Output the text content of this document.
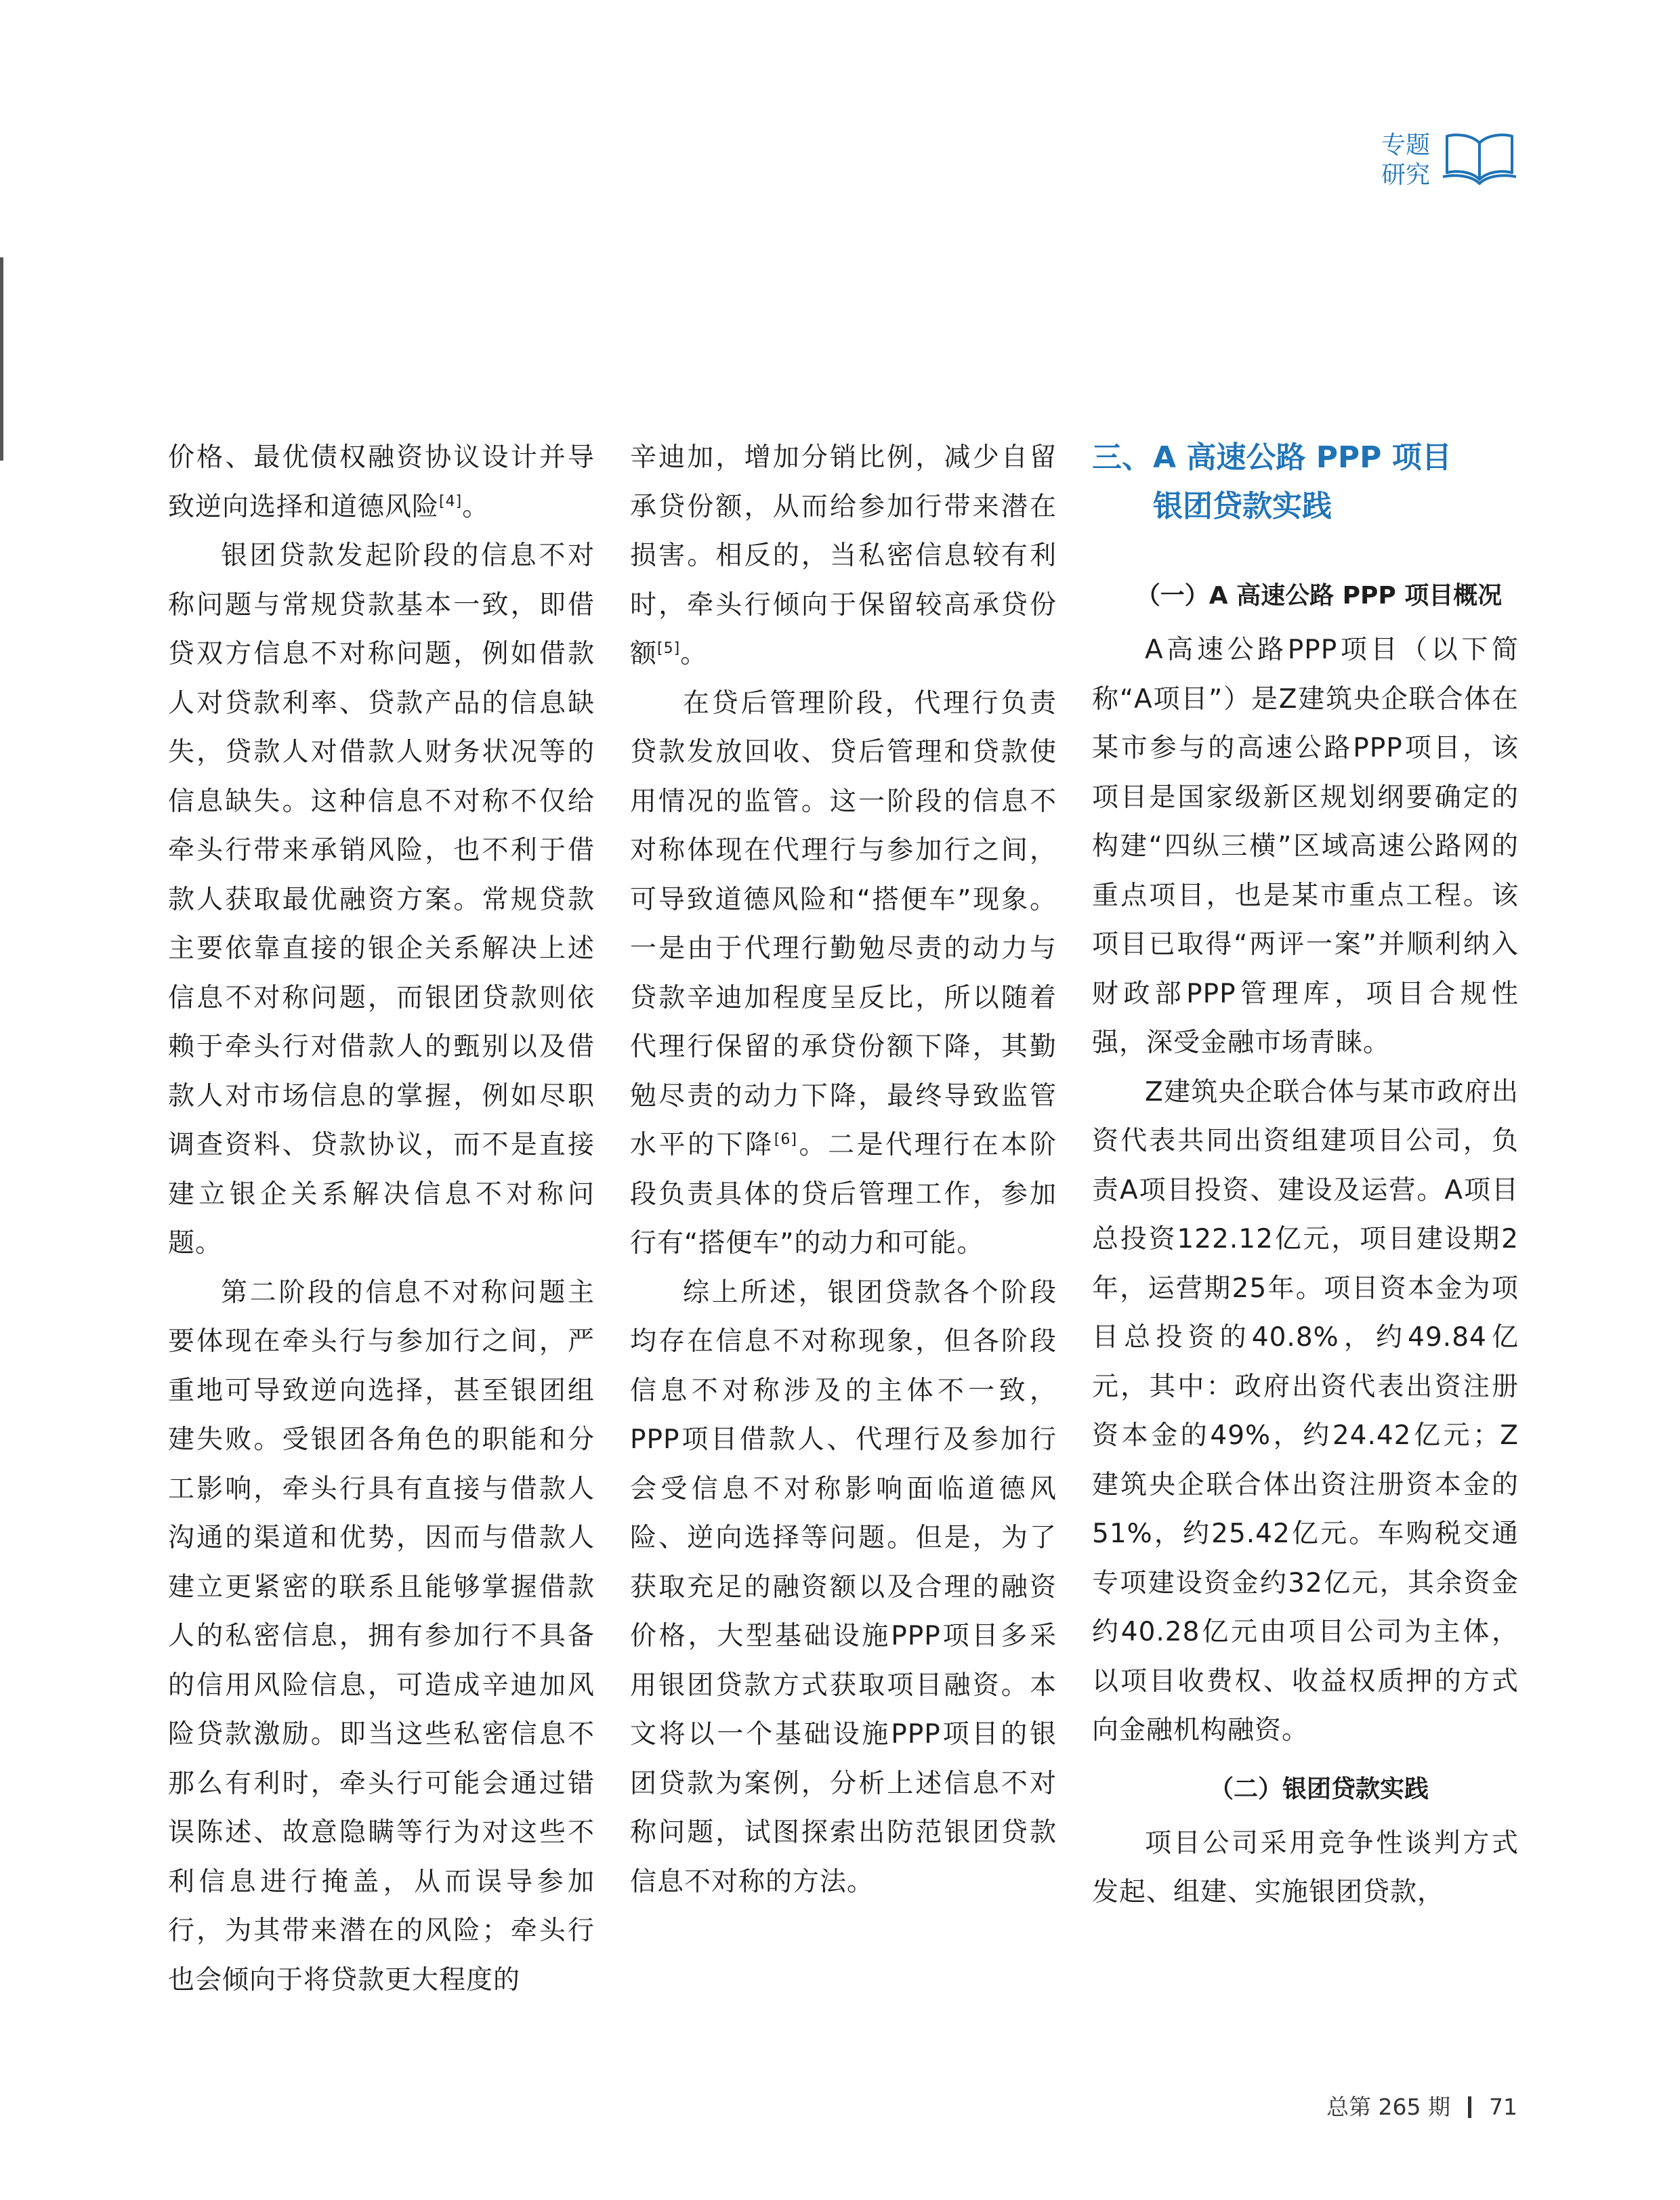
专题
研究

价格、最优债权融资协议设计并导致逆向选择和道德风险[4]。

银团贷款发起阶段的信息不对称问题与常规贷款基本一致，即借贷双方信息不对称问题，例如借款人对贷款利率、贷款产品的信息缺失，贷款人对借款人财务状况等的信息缺失。这种信息不对称不仅给牵头行带来承销风险，也不利于借款人获取最优融资方案。常规贷款主要依靠直接的银企关系解决上述信息不对称问题，而银团贷款则依赖于牵头行对借款人的甄别以及借款人对市场信息的掌握，例如尽职调查资料、贷款协议，而不是直接建立银企关系解决信息不对称问题。

第二阶段的信息不对称问题主要体现在牵头行与参加行之间，严重地可导致逆向选择，甚至银团组建失败。受银团各角色的职能和分工影响，牵头行具有直接与借款人沟通的渠道和优势，因而与借款人建立更紧密的联系且能够掌握借款人的私密信息，拥有参加行不具备的信用风险信息，可造成辛迪加风险贷款激励。即当这些私密信息不那么有利时，牵头行可能会通过错误陈述、故意隐瞒等行为对这些不利信息进行掩盖，从而误导参加行，为其带来潜在的风险；牵头行也会倾向于将贷款更大程度的

辛迪加，增加分销比例，减少自留承贷份额，从而给参加行带来潜在损害。相反的，当私密信息较有利时，牵头行倾向于保留较高承贷份额[5]。

在贷后管理阶段，代理行负责贷款发放回收、贷后管理和贷款使用情况的监管。这一阶段的信息不对称体现在代理行与参加行之间，可导致道德风险和“搭便车”现象。一是由于代理行勤勉尽责的动力与贷款辛迪加程度呈反比，所以随着代理行保留的承贷份额下降，其勤勉尽责的动力下降，最终导致监管水平的下降[6]。二是代理行在本阶段负责具体的贷后管理工作，参加行有“搭便车”的动力和可能。

综上所述，银团贷款各个阶段均存在信息不对称现象，但各阶段信息不对称涉及的主体不一致，PPP项目借款人、代理行及参加行会受信息不对称影响面临道德风险、逆向选择等问题。但是，为了获取充足的融资额以及合理的融资价格，大型基础设施PPP项目多采用银团贷款方式获取项目融资。本文将以一个基础设施PPP项目的银团贷款为案例，分析上述信息不对称问题，试图探索出防范银团贷款信息不对称的方法。

三、A 高速公路 PPP 项目
银团贷款实践
（一）A 高速公路 PPP 项目概况

A高速公路PPP项目（以下简称“A项目”）是Z建筑央企联合体在某市参与的高速公路PPP项目，该项目是国家级新区规划纲要确定的构建“四纵三横”区域高速公路网的重点项目，也是某市重点工程。该项目已取得“两评一案”并顺利纳入财政部PPP管理库，项目合规性强，深受金融市场青睐。

Z建筑央企联合体与某市政府出资代表共同出资组建项目公司，负责A项目投资、建设及运营。A项目总投资122.12亿元，项目建设期2年，运营期25年。项目资本金为项目总投资的40.8%，约49.84亿元，其中：政府出资代表出资注册资本金的49%，约24.42亿元；Z建筑央企联合体出资注册资本金的51%，约25.42亿元。车购税交通专项建设资金约32亿元，其余资金约40.28亿元由项目公司为主体，以项目收费权、收益权质押的方式向金融机构融资。

（二）银团贷款实践

项目公司采用竞争性谈判方式发起、组建、实施银团贷款，

总第 265 期 71
